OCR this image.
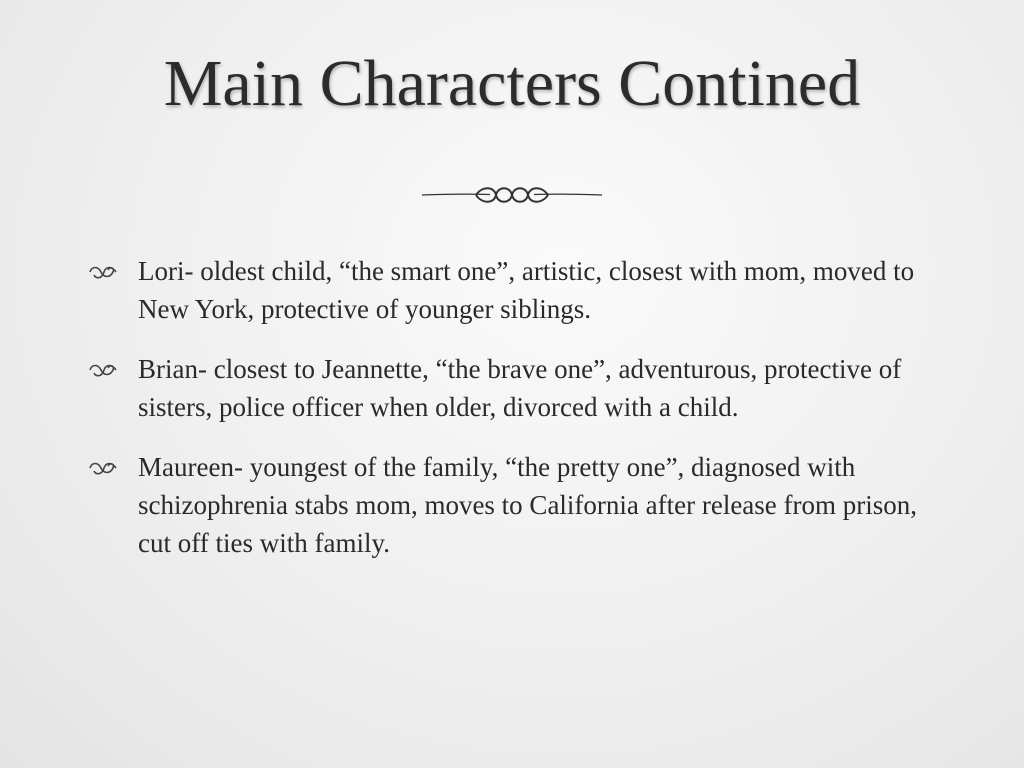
Main Characters Contined
Lori- oldest child, “the smart one”, artistic, closest with mom, moved to New York, protective of younger siblings.
Brian- closest to Jeannette, “the brave one”, adventurous, protective of sisters, police officer when older, divorced with a child.
Maureen- youngest of the family, “the pretty one”, diagnosed with schizophrenia stabs mom, moves to California after release from prison, cut off ties with family.
